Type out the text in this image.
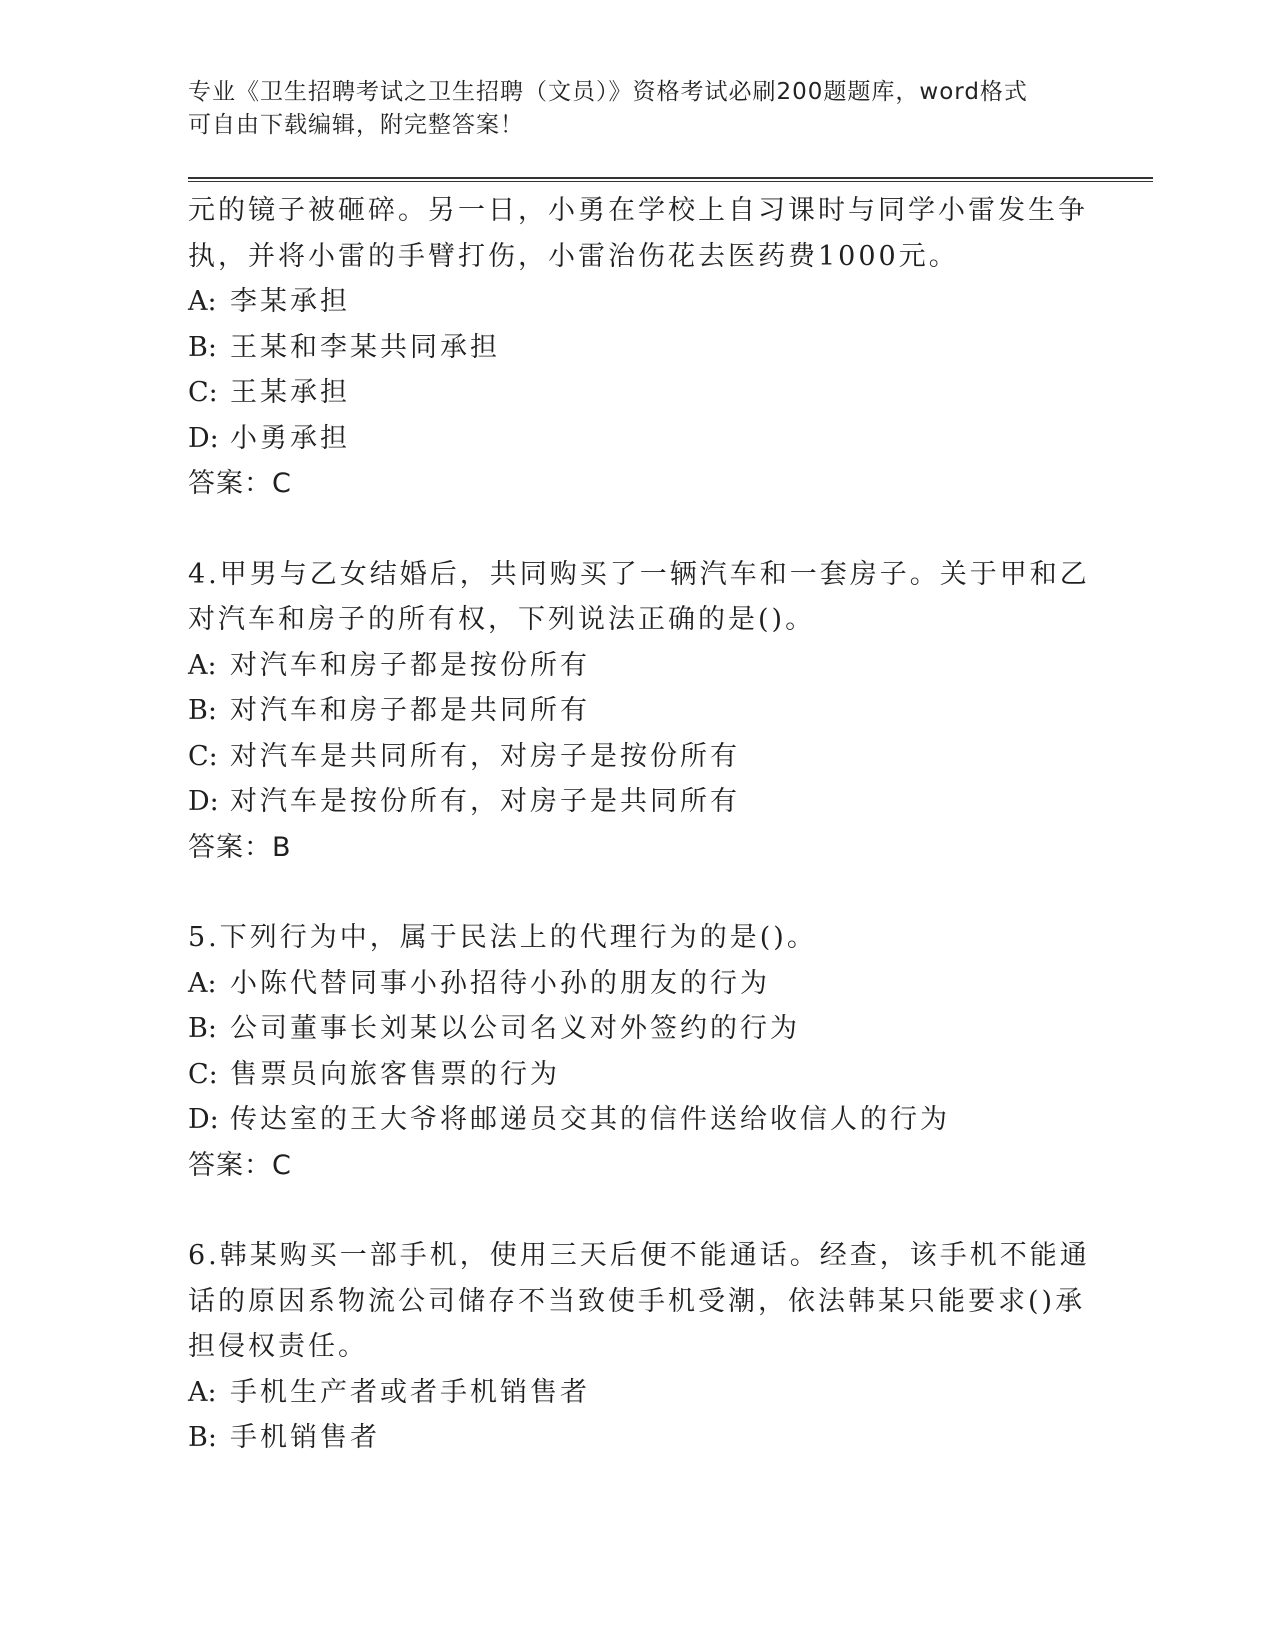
专业《卫生招聘考试之卫生招聘（文员）》资格考试必刷200题题库，word格式
可自由下载编辑，附完整答案！
元的镜子被砸碎。另一日，小勇在学校上自习课时与同学小雷发生争
执，并将小雷的手臂打伤，小雷治伤花去医药费1000元。
A: 李某承担
B: 王某和李某共同承担
C: 王某承担
D: 小勇承担
答案：C
4.甲男与乙女结婚后，共同购买了一辆汽车和一套房子。关于甲和乙
对汽车和房子的所有权，下列说法正确的是()。
A: 对汽车和房子都是按份所有
B: 对汽车和房子都是共同所有
C: 对汽车是共同所有，对房子是按份所有
D: 对汽车是按份所有，对房子是共同所有
答案：B
5.下列行为中，属于民法上的代理行为的是()。
A: 小陈代替同事小孙招待小孙的朋友的行为
B: 公司董事长刘某以公司名义对外签约的行为
C: 售票员向旅客售票的行为
D: 传达室的王大爷将邮递员交其的信件送给收信人的行为
答案：C
6.韩某购买一部手机，使用三天后便不能通话。经查，该手机不能通
话的原因系物流公司储存不当致使手机受潮，依法韩某只能要求()承
担侵权责任。
A: 手机生产者或者手机销售者
B: 手机销售者
